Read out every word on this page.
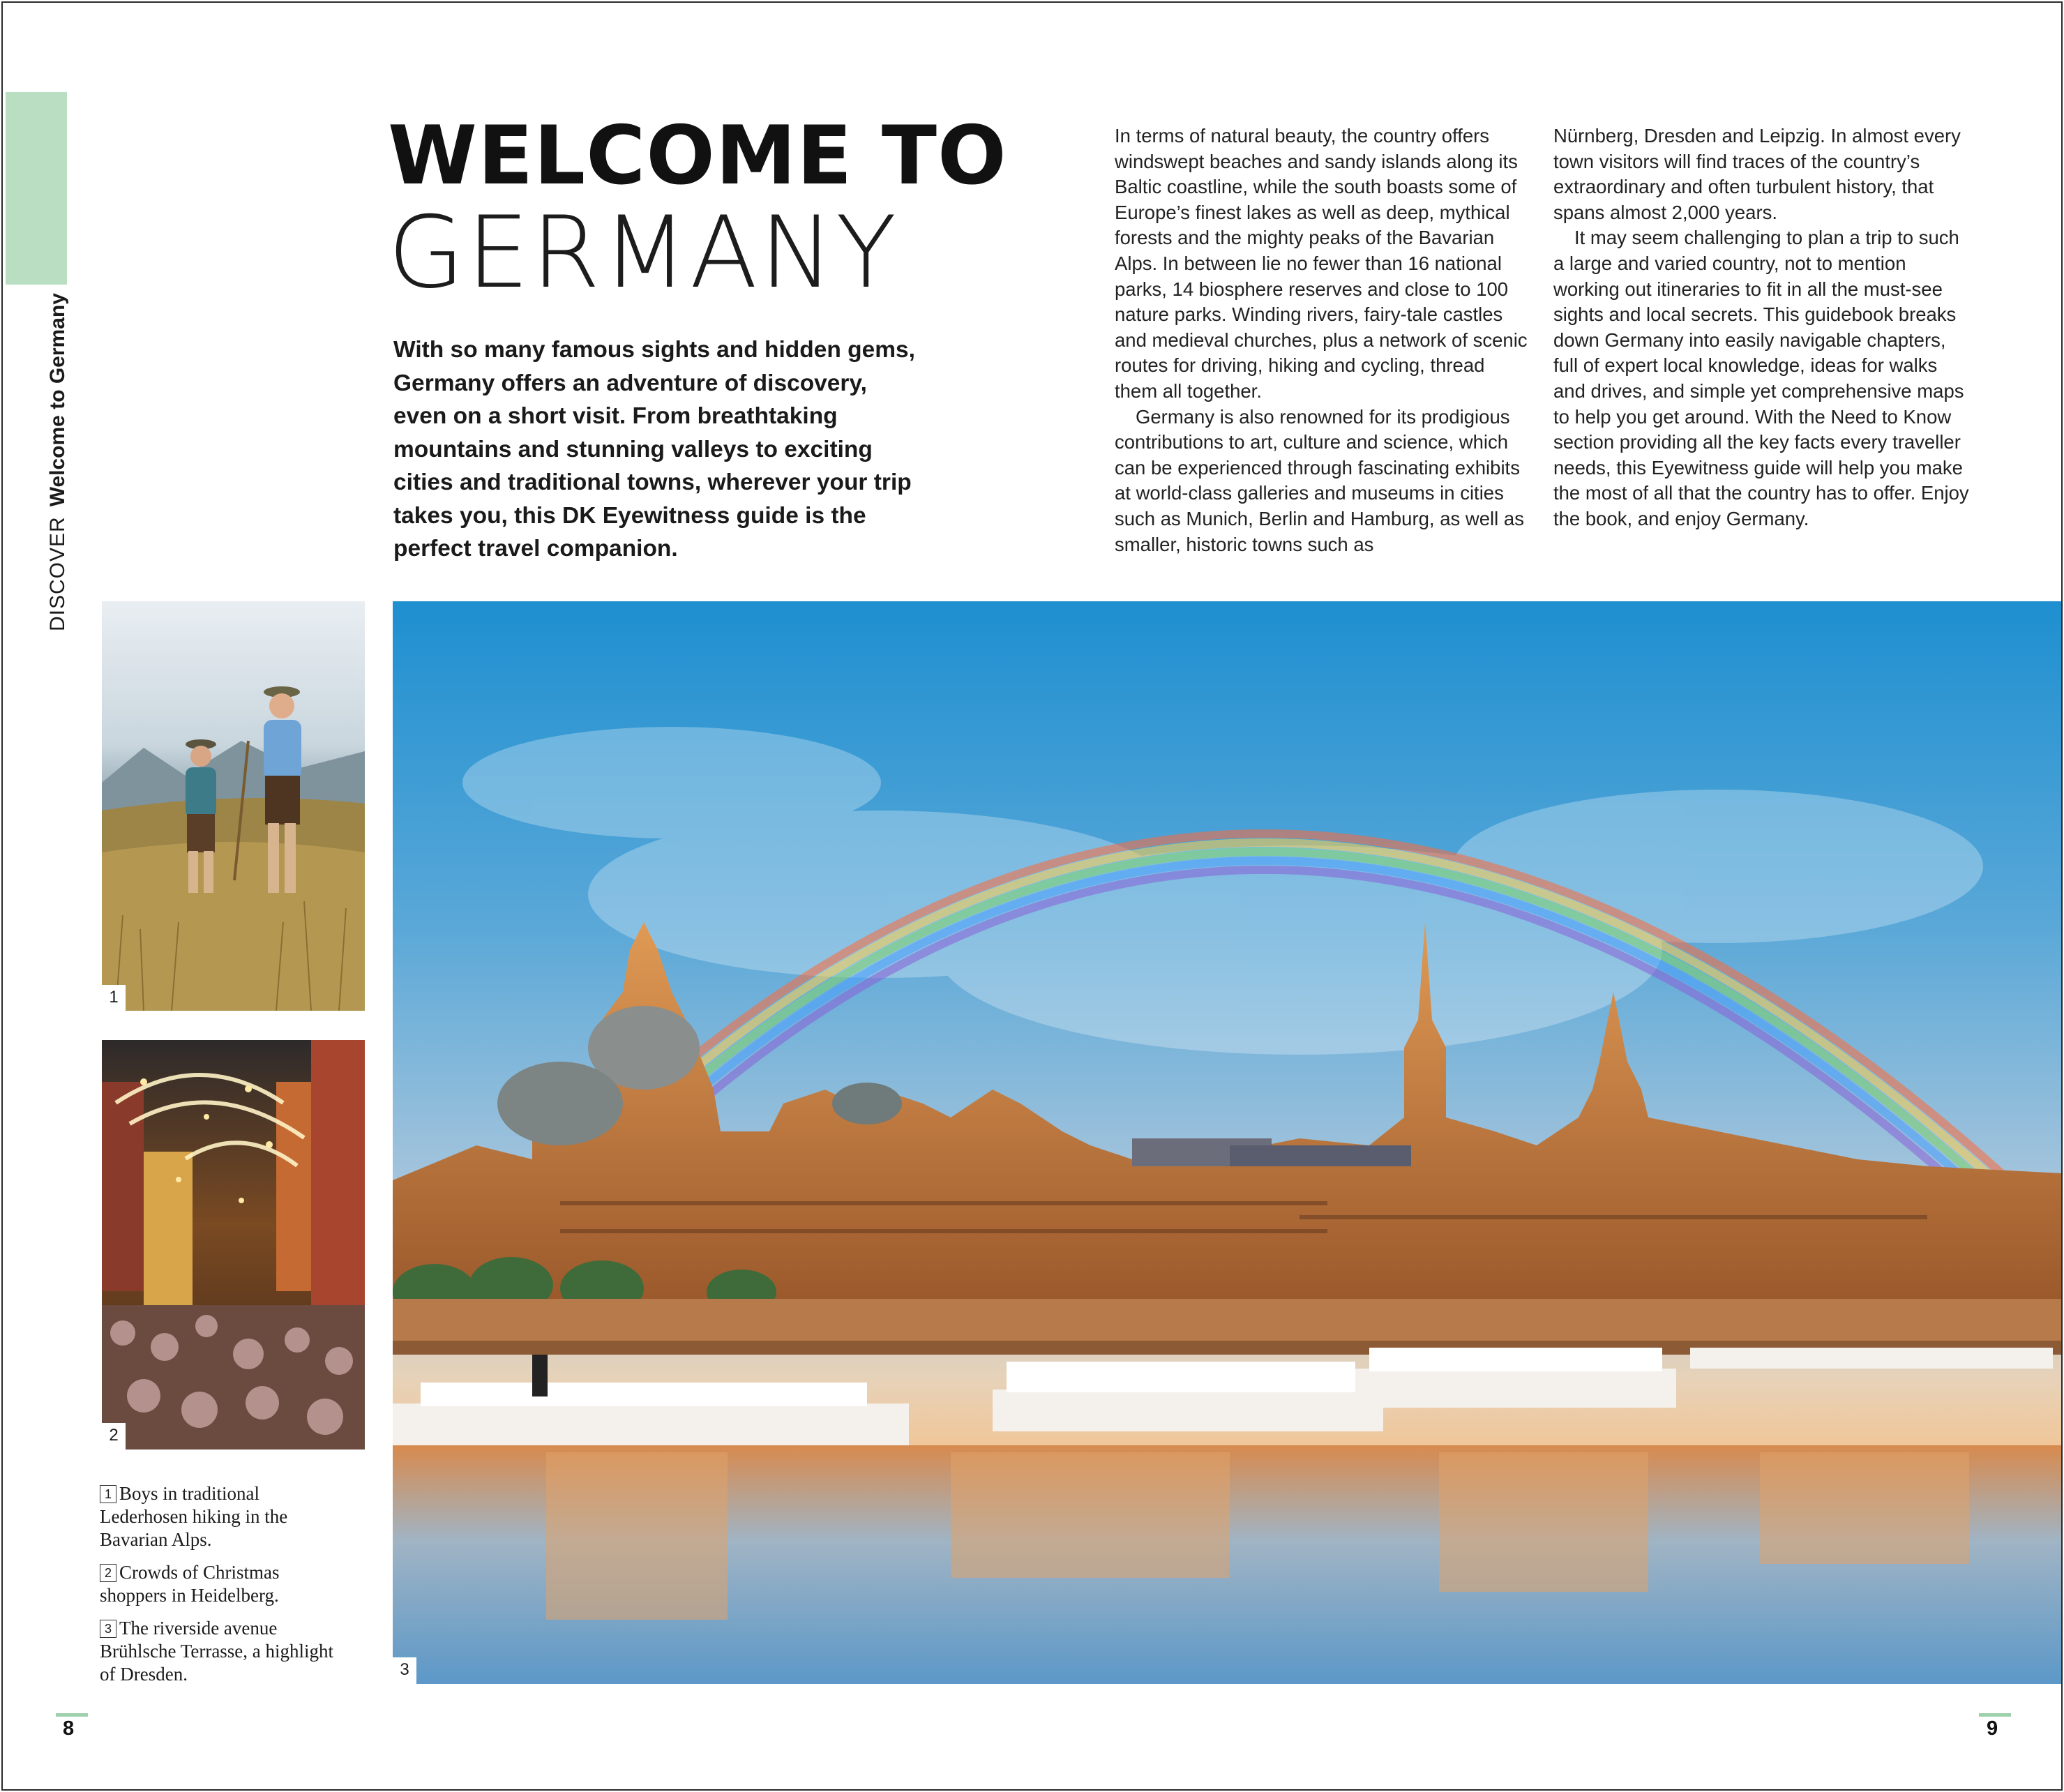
DISCOVERWelcome to Germany
WELCOME TO
GERMANY

With so many famous sights and hidden gems, Germany offers an adventure of discovery, even on a short visit. From breathtaking mountains and stunning valleys to exciting cities and traditional towns, wherever your trip takes you, this DK Eyewitness guide is the perfect travel companion.

In terms of natural beauty, the country offers windswept beaches and sandy islands along its Baltic coastline, while the south boasts some of Europe’s finest lakes as well as deep, mythical forests and the mighty peaks of the Bavarian Alps. In between lie no fewer than 16 national parks, 14 biosphere reserves and close to 100 nature parks. Winding rivers, fairy-tale castles and medieval churches, plus a network of scenic routes for driving, hiking and cycling, thread them all together.

Germany is also renowned for its prodigious contributions to art, culture and science, which can be experienced through fascinating exhibits at world-class galleries and museums in cities such as Munich, Berlin and Hamburg, as well as smaller, historic towns such as

Nürnberg, Dresden and Leipzig. In almost every town visitors will find traces of the country’s extraordinary and often turbulent history, that spans almost 2,000 years.

It may seem challenging to plan a trip to such a large and varied country, not to mention working out itineraries to fit in all the must-see sights and local secrets. This guidebook breaks down Germany into easily navigable chapters, full of expert local knowledge, ideas for walks and drives, and simple yet comprehensive maps to help you get around. With the Need to Know section providing all the key facts every traveller needs, this Eyewitness guide will help you make the most of all that the country has to offer. Enjoy the book, and enjoy Germany.

1
2
3

1 Boys in traditional Lederhosen hiking in the Bavarian Alps.

2 Crowds of Christmas shoppers in Heidelberg.

3 The riverside avenue Brühlsche Terrasse, a highlight of Dresden.

8	9
